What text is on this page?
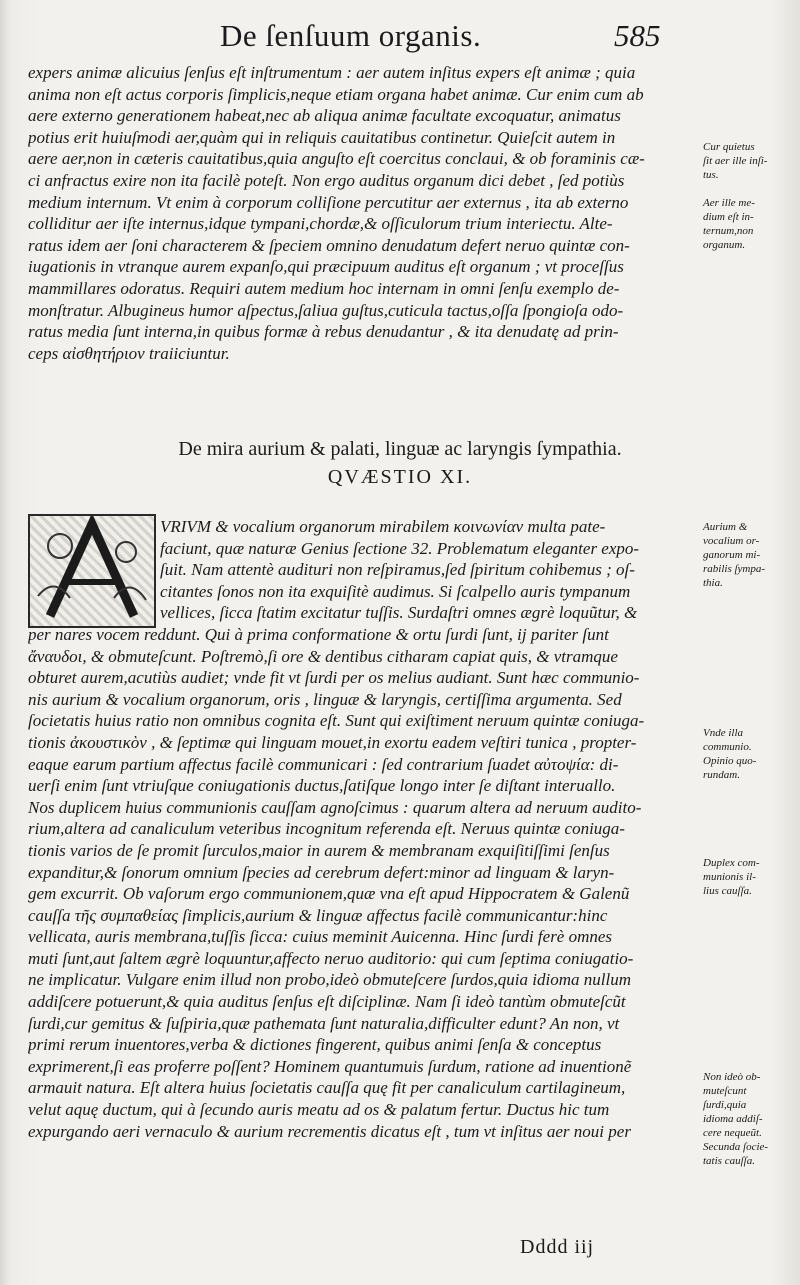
De ſenſuum organis.	585
expers animæ alicuius ſenſus eſt inſtrumentum : aer autem inſitus expers eſt animæ ; quia
anima non eſt actus corporis ſimplicis,neque etiam organa habet animæ. Cur enim cum ab
aere externo generationem habeat,nec ab aliqua animæ facultate excoquatur, animatus
potius erit huiuſmodi aer,quàm qui in reliquis cauitatibus continetur. Quieſcit autem in
aere aer,non in cæteris cauitatibus,quia anguſto eſt coercitus conclaui, & ob foraminis cæ-
ci anfractus exire non ita facilè poteſt. Non ergo auditus organum dici debet , ſed potiùs
medium internum. Vt enim à corporum colliſione percutitur aer externus , ita ab externo
colliditur aer iſte internus,idque tympani,chordæ,& oſſiculorum trium interiectu. Alte-
ratus idem aer ſoni characterem & ſpeciem omnino denudatum defert neruo quintæ con-
iugationis in vtranque aurem expanſo,qui præcipuum auditus eſt organum ; vt proceſſus
mammillares odoratus. Requiri autem medium hoc internam in omni ſenſu exemplo de-
monſtratur. Albugineus humor aſpectus,ſaliua guſtus,cuticula tactus,oſſa ſpongioſa odo-
ratus media ſunt interna,in quibus formæ à rebus denudantur , & ita denudatę ad prin-
ceps αἰσθητήριον traiiciuntur.
De mira aurium & palati, linguæ ac laryngis ſympathia.
QVÆSTIO XI.
VRIVM & vocalium organorum mirabilem κοινωνίαν multa pate-
faciunt, quæ naturæ Genius ſectione 32. Problematum eleganter expo-
ſuit. Nam attentè audituri non reſpiramus,ſed ſpiritum cohibemus ; oſ-
citantes ſonos non ita exquiſitè audimus. Si ſcalpello auris tympanum
vellices, ſicca ſtatim excitatur tuſſis. Surdaſtri omnes ægrè loquũtur, &
per nares vocem reddunt. Qui à prima conformatione & ortu ſurdi ſunt, ij pariter ſunt
ἄναυδοι, & obmuteſcunt. Poſtremò,ſi ore & dentibus citharam capiat quis, & vtramque
obturet aurem,acutiùs audiet; vnde fit vt ſurdi per os melius audiant. Sunt hæc communio-
nis aurium & vocalium organorum, oris , linguæ & laryngis, certiſſima argumenta. Sed
ſocietatis huius ratio non omnibus cognita eſt. Sunt qui exiſtiment neruum quintæ coniuga-
tionis ἀκουστικὸν , & ſeptimæ qui linguam mouet,in exortu eadem veſtiri tunica , propter-
eaque earum partium affectus facilè communicari : ſed contrarium ſuadet αὐτοψία: di-
uerſi enim ſunt vtriuſque coniugationis ductus,ſatiſque longo inter ſe diſtant interuallo.
Nos duplicem huius communionis cauſſam agnoſcimus : quarum altera ad neruum audito-
rium,altera ad canaliculum veteribus incognitum referenda eſt. Neruus quintæ coniuga-
tionis varios de ſe promit ſurculos,maior in aurem & membranam exquiſitiſſimi ſenſus
expanditur,& ſonorum omnium ſpecies ad cerebrum defert:minor ad linguam & laryn-
gem excurrit. Ob vaſorum ergo communionem,quæ vna eſt apud Hippocratem & Galenũ
cauſſa τῆς συμπαθείας ſimplicis,aurium & linguæ affectus facilè communicantur:hinc
vellicata, auris membrana,tuſſis ſicca: cuius meminit Auicenna. Hinc ſurdi ferè omnes
muti ſunt,aut ſaltem ægrè loquuntur,affecto neruo auditorio: qui cum ſeptima coniugatio-
ne implicatur. Vulgare enim illud non probo,ideò obmuteſcere ſurdos,quia idioma nullum
addiſcere potuerunt,& quia auditus ſenſus eſt diſciplinæ. Nam ſi ideò tantùm obmuteſcũt
ſurdi,cur gemitus & ſuſpiria,quæ pathemata ſunt naturalia,difficulter edunt? An non, vt
primi rerum inuentores,verba & dictiones fingerent, quibus animi ſenſa & conceptus
exprimerent,ſi eas proferre poſſent? Hominem quantumuis ſurdum, ratione ad inuentionẽ
armauit natura. Eſt altera huius ſocietatis cauſſa quę fit per canaliculum cartilagineum,
velut aquę ductum, qui à ſecundo auris meatu ad os & palatum fertur. Ductus hic tum
expurgando aeri vernaculo & aurium recrementis dicatus eſt , tum vt inſitus aer noui per
Cur quietus
ſit aer ille inſi-
tus.
Aer ille me-
dium eſt in-
ternum,non
organum.
Aurium &
vocalium or-
ganorum mi-
rabilis ſympa-
thia.
Vnde illa
communio.
Opinio quo-
rundam.
Duplex com-
munionis il-
lius cauſſa.
Non ideò ob-
muteſcunt
ſurdi,quia
idioma addiſ-
cere nequeũt.
Secunda ſocie-
tatis cauſſa.
Dddd iij
